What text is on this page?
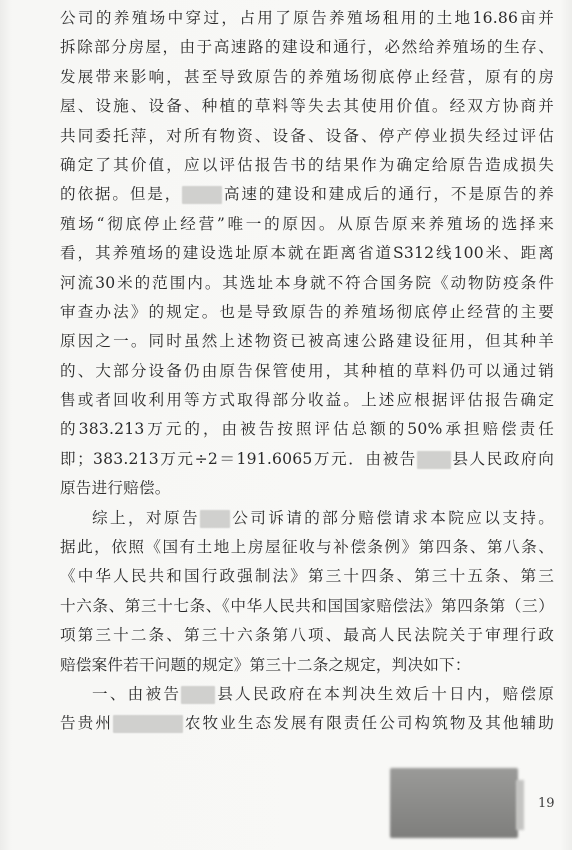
公司的养殖场中穿过，占用了原告养殖场租用的土地16.86亩并
拆除部分房屋，由于高速路的建设和通行，必然给养殖场的生存、
发展带来影响，甚至导致原告的养殖场彻底停止经营，原有的房
屋、设施、设备、种植的草料等失去其使用价值。经双方协商并
共同委托萍，对所有物资、设备、设备、停产停业损失经过评估
确定了其价值，应以评估报告书的结果作为确定给原告造成损失
的依据。但是，	高速的建设和建成后的通行，不是原告的养
殖场“彻底停止经营”唯一的原因。从原告原来养殖场的选择来
看，其养殖场的建设选址原本就在距离省道S312线100米、距离
河流30米的范围内。其选址本身就不符合国务院《动物防疫条件
审查办法》的规定。也是导致原告的养殖场彻底停止经营的主要
原因之一。同时虽然上述物资已被高速公路建设征用，但其种羊
的、大部分设备仍由原告保管使用，其种植的草料仍可以通过销
售或者回收利用等方式取得部分收益。上述应根据评估报告确定
的383.213万元的，由被告按照评估总额的50%承担赔偿责任
即；383.213万元÷2＝191.6065万元．由被告 县人民政府向
原告进行赔偿。
综上，对原告 公司诉请的部分赔偿请求本院应以支持。
据此，依照《国有土地上房屋征收与补偿条例》第四条、第八条、
《中华人民共和国行政强制法》第三十四条、第三十五条、第三
十六条、第三十七条、《中华人民共和国国家赔偿法》第四条第（三）
项第三十二条、第三十六条第八项、最高人民法院关于审理行政
赔偿案件若干问题的规定》第三十二条之规定，判决如下：
一、由被告 县人民政府在本判决生效后十日内，赔偿原
告贵州	农牧业生态发展有限责任公司构筑物及其他辅助
19
